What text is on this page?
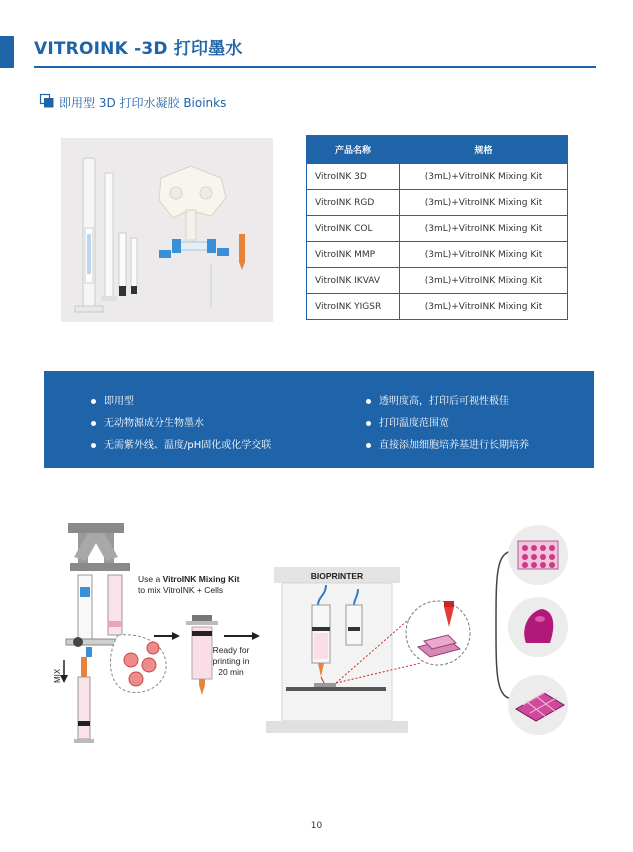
VITROINK -3D 打印墨水
即用型 3D 打印水凝胶 Bioinks
产品名称	规格
VitroINK 3D	(3mL)+VitroINK Mixing Kit
VitroINK RGD	(3mL)+VitroINK Mixing Kit
VitroINK COL	(3mL)+VitroINK Mixing Kit
VitroINK MMP	(3mL)+VitroINK Mixing Kit
VitroINK IKVAV	(3mL)+VitroINK Mixing Kit
VitroINK YIGSR	(3mL)+VitroINK Mixing Kit
即用型
无动物源成分生物墨水
无需紫外线、温度/pH固化或化学交联
透明度高，打印后可视性极佳
打印温度范围宽
直接添加细胞培养基进行长期培养
MIX
Use a VitroINK Mixing Kit
to mix VitroINK + Cells
Ready for
printing in
20 min
BIOPRINTER
10
